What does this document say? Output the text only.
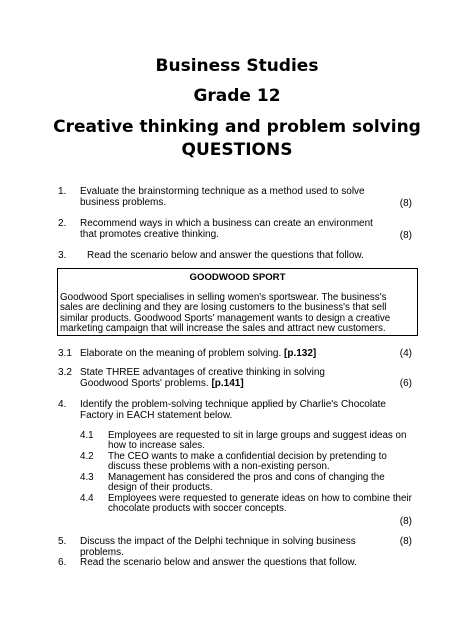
Business Studies
Grade 12
Creative thinking and problem solving
QUESTIONS
1. Evaluate the brainstorming technique as a method used to solve business problems.	(8)
2. Recommend ways in which a business can create an environment that promotes creative thinking.	(8)
3. Read the scenario below and answer the questions that follow.
GOODWOOD SPORT
Goodwood Sport specialises in selling women's sportswear. The business's sales are declining and they are losing customers to the business's that sell similar products. Goodwood Sports' management wants to design a creative marketing campaign that will increase the sales and attract new customers.
3.1 Elaborate on the meaning of problem solving. [p.132]	(4)
3.2 State THREE advantages of creative thinking in solving Goodwood Sports' problems. [p.141]	(6)
4. Identify the problem-solving technique applied by Charlie's Chocolate Factory in EACH statement below.
4.1 Employees are requested to sit in large groups and suggest ideas on how to increase sales.
4.2 The CEO wants to make a confidential decision by pretending to discuss these problems with a non-existing person.
4.3 Management has considered the pros and cons of changing the design of their products.
4.4 Employees were requested to generate ideas on how to combine their chocolate products with soccer concepts.
(8)
5. Discuss the impact of the Delphi technique in solving business problems.
(8)
6. Read the scenario below and answer the questions that follow.
